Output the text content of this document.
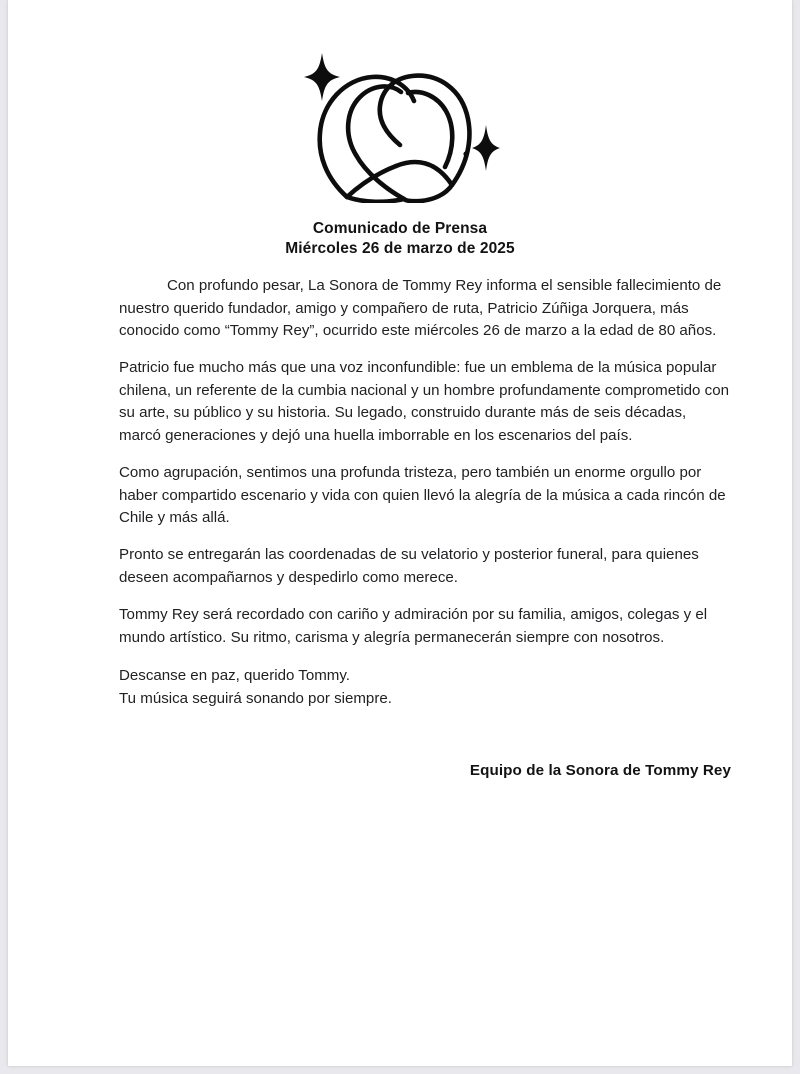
Comunicado de Prensa
Miércoles 26 de marzo de 2025

Con profundo pesar, La Sonora de Tommy Rey informa el sensible fallecimiento de nuestro querido fundador, amigo y compañero de ruta, Patricio Zúñiga Jorquera, más conocido como “Tommy Rey”, ocurrido este miércoles 26 de marzo a la edad de 80 años.

Patricio fue mucho más que una voz inconfundible: fue un emblema de la música popular chilena, un referente de la cumbia nacional y un hombre profundamente comprometido con su arte, su público y su historia. Su legado, construido durante más de seis décadas, marcó generaciones y dejó una huella imborrable en los escenarios del país.

Como agrupación, sentimos una profunda tristeza, pero también un enorme orgullo por haber compartido escenario y vida con quien llevó la alegría de la música a cada rincón de Chile y más allá.

Pronto se entregarán las coordenadas de su velatorio y posterior funeral, para quienes deseen acompañarnos y despedirlo como merece.

Tommy Rey será recordado con cariño y admiración por su familia, amigos, colegas y el mundo artístico. Su ritmo, carisma y alegría permanecerán siempre con nosotros.

Descanse en paz, querido Tommy.

Tu música seguirá sonando por siempre.

Equipo de la Sonora de Tommy Rey
